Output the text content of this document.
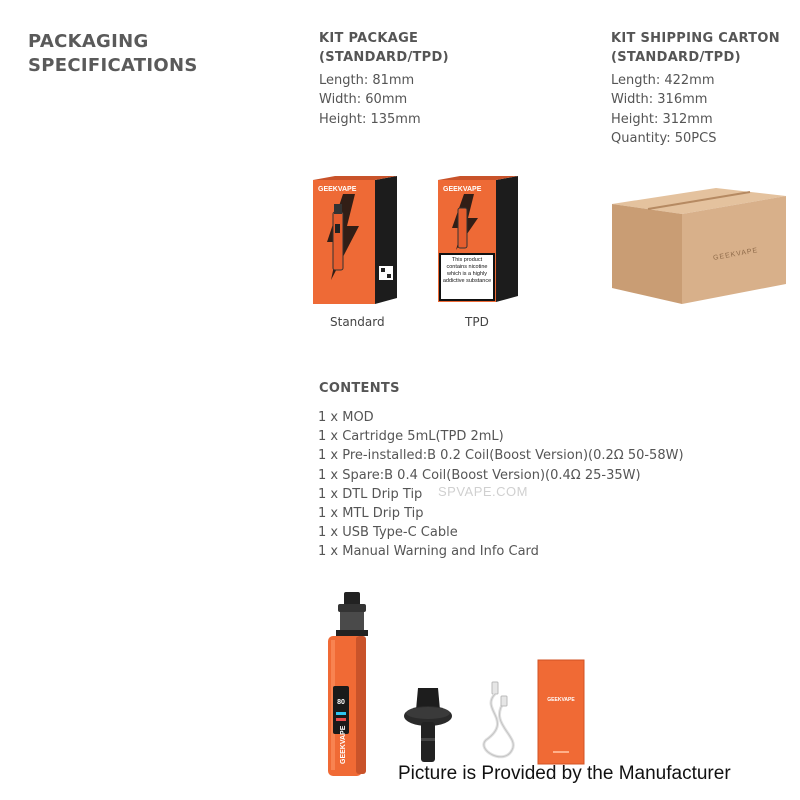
PACKAGING
SPECIFICATIONS
KIT PACKAGE
(STANDARD/TPD)
Length: 81mm
Width: 60mm
Height: 135mm
GEEKVAPE
Standard
GEEKVAPE
This product contains nicotine which is a highly addictive substance
TPD
KIT SHIPPING CARTON
(STANDARD/TPD)
Length: 422mm
Width: 316mm
Height: 312mm
Quantity: 50PCS
GEEKVAPE
CONTENTS
1 x MOD
1 x Cartridge 5mL(TPD 2mL)
1 x Pre-installed:B 0.2 Coil(Boost Version)(0.2Ω 50-58W)
1 x Spare:B 0.4 Coil(Boost Version)(0.4Ω 25-35W)
1 x DTL Drip Tip
1 x MTL Drip Tip
1 x USB Type-C Cable
1 x Manual Warning and Info Card
SPVAPE.COM
80
GEEKVAPE
GEEKVAPE
Picture is Provided by the Manufacturer
